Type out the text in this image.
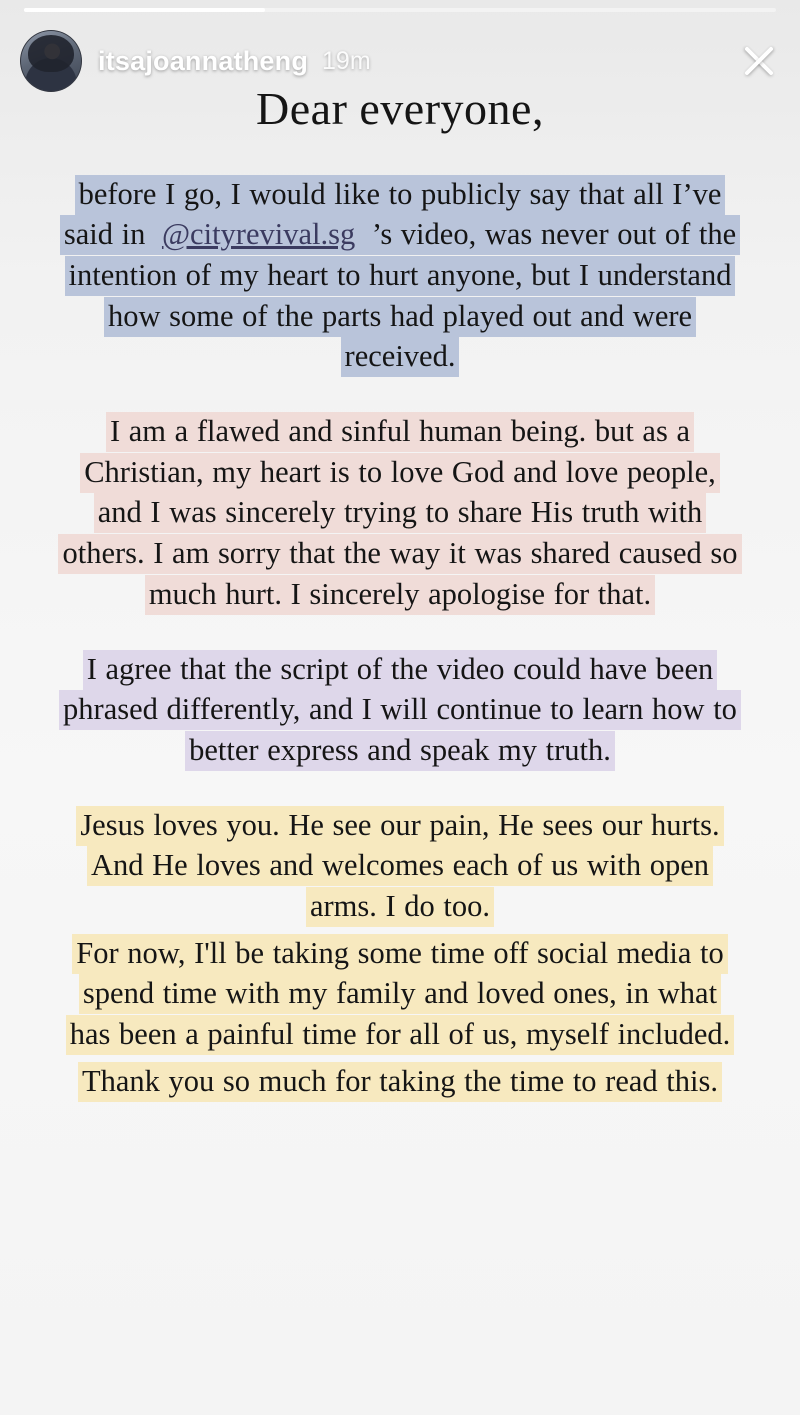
itsajoannatheng 19m
Dear everyone,
before I go, I would like to publicly say that all I’ve said in @cityrevival.sg ’s video, was never out of the intention of my heart to hurt anyone, but I understand how some of the parts had played out and were received.
I am a flawed and sinful human being. but as a Christian, my heart is to love God and love people, and I was sincerely trying to share His truth with others. I am sorry that the way it was shared caused so much hurt. I sincerely apologise for that.
I agree that the script of the video could have been phrased differently, and I will continue to learn how to better express and speak my truth.
Jesus loves you. He see our pain, He sees our hurts. And He loves and welcomes each of us with open arms. I do too.
For now, I'll be taking some time off social media to spend time with my family and loved ones, in what has been a painful time for all of us, myself included.
Thank you so much for taking the time to read this.
